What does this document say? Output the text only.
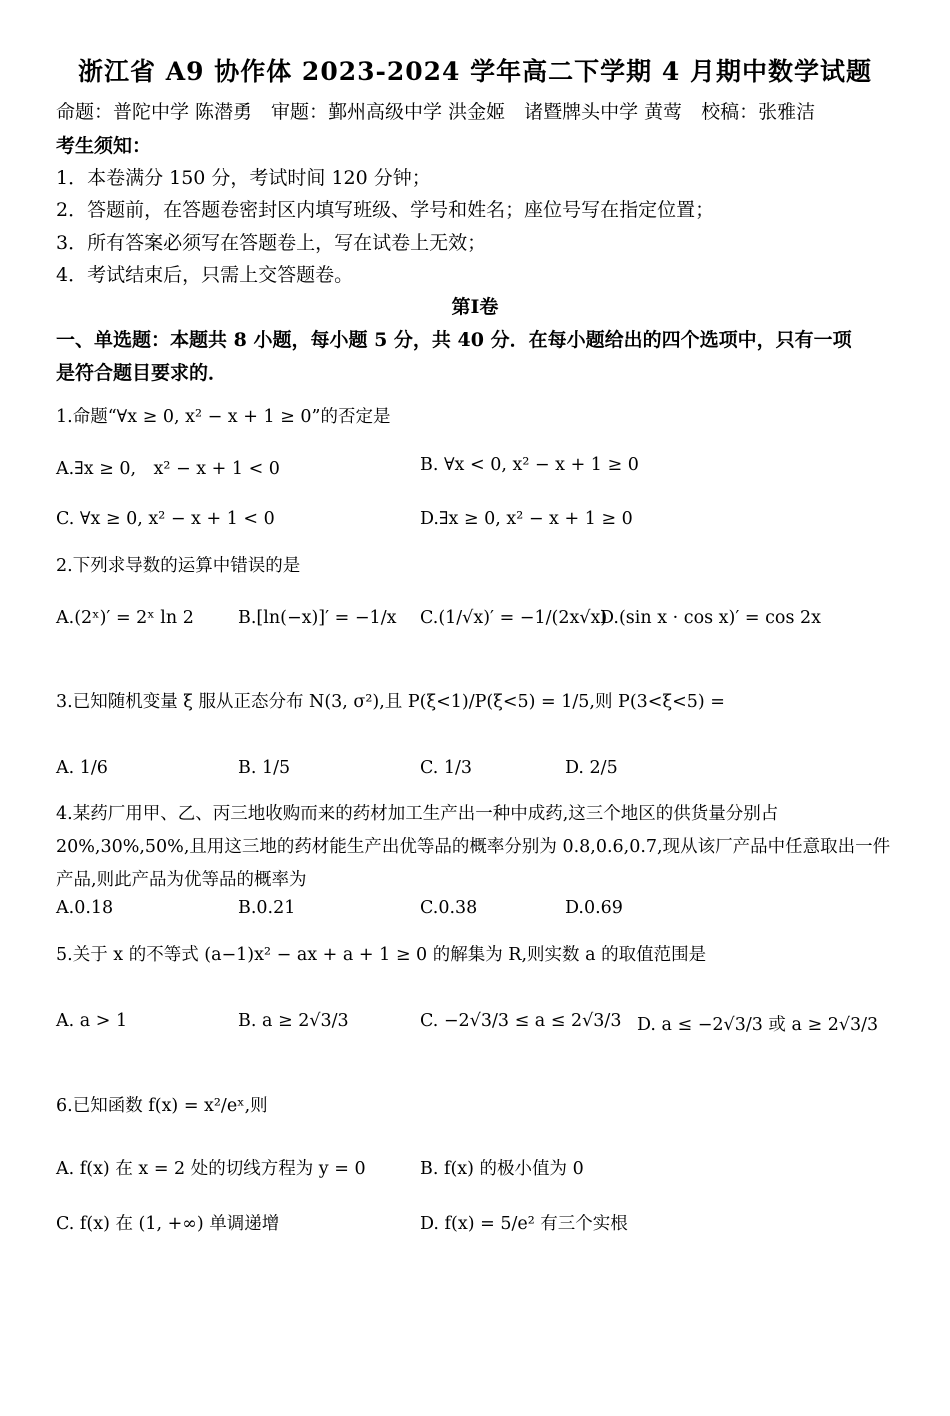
浙江省 A9 协作体 2023-2024 学年高二下学期 4 月期中数学试题
命题：普陀中学 陈潜勇　审题：鄞州高级中学 洪金姬　诸暨牌头中学 黄莺　校稿：张雅洁
考生须知：
1．本卷满分 150 分，考试时间 120 分钟；
2．答题前，在答题卷密封区内填写班级、学号和姓名；座位号写在指定位置；
3．所有答案必须写在答题卷上，写在试卷上无效；
4．考试结束后，只需上交答题卷。
第Ⅰ卷
一、单选题：本题共 8 小题，每小题 5 分，共 40 分．在每小题给出的四个选项中，只有一项
是符合题目要求的．
1.命题“∀x ≥ 0, x² − x + 1 ≥ 0”的否定是
A.∃x ≥ 0,　x² − x + 1 < 0	B. ∀x < 0, x² − x + 1 ≥ 0
C. ∀x ≥ 0, x² − x + 1 < 0	D.∃x ≥ 0, x² − x + 1 ≥ 0
2.下列求导数的运算中错误的是
A.(2ˣ)′ = 2ˣ ln 2	B.[ln(−x)]′ = −1/x C.(1/√x)′ = −1/(2x√x)
D.(sin x · cos x)′ = cos 2x
3.已知随机变量 ξ 服从正态分布 N(3, σ²),且 P(ξ<1)/P(ξ<5) = 1/5,则 P(3<ξ<5) =
A. 1/6	B. 1/5	C. 1/3	D. 2/5
4.某药厂用甲、乙、丙三地收购而来的药材加工生产出一种中成药,这三个地区的供货量分别占
20%,30%,50%,且用这三地的药材能生产出优等品的概率分别为 0.8,0.6,0.7,现从该厂产品中任意取出一件
产品,则此产品为优等品的概率为
A.0.18	B.0.21	C.0.38	D.0.69
5.关于 x 的不等式 (a−1)x² − ax + a + 1 ≥ 0 的解集为 R,则实数 a 的取值范围是
A. a > 1	B. a ≥ 2√3/3	C. −2√3/3 ≤ a ≤ 2√3/3 D. a ≤ −2√3/3 或 a ≥ 2√3/3
6.已知函数 f(x) = x²/eˣ,则
A. f(x) 在 x = 2 处的切线方程为 y = 0	B. f(x) 的极小值为 0
C. f(x) 在 (1, +∞) 单调递增	D. f(x) = 5/e² 有三个实根
